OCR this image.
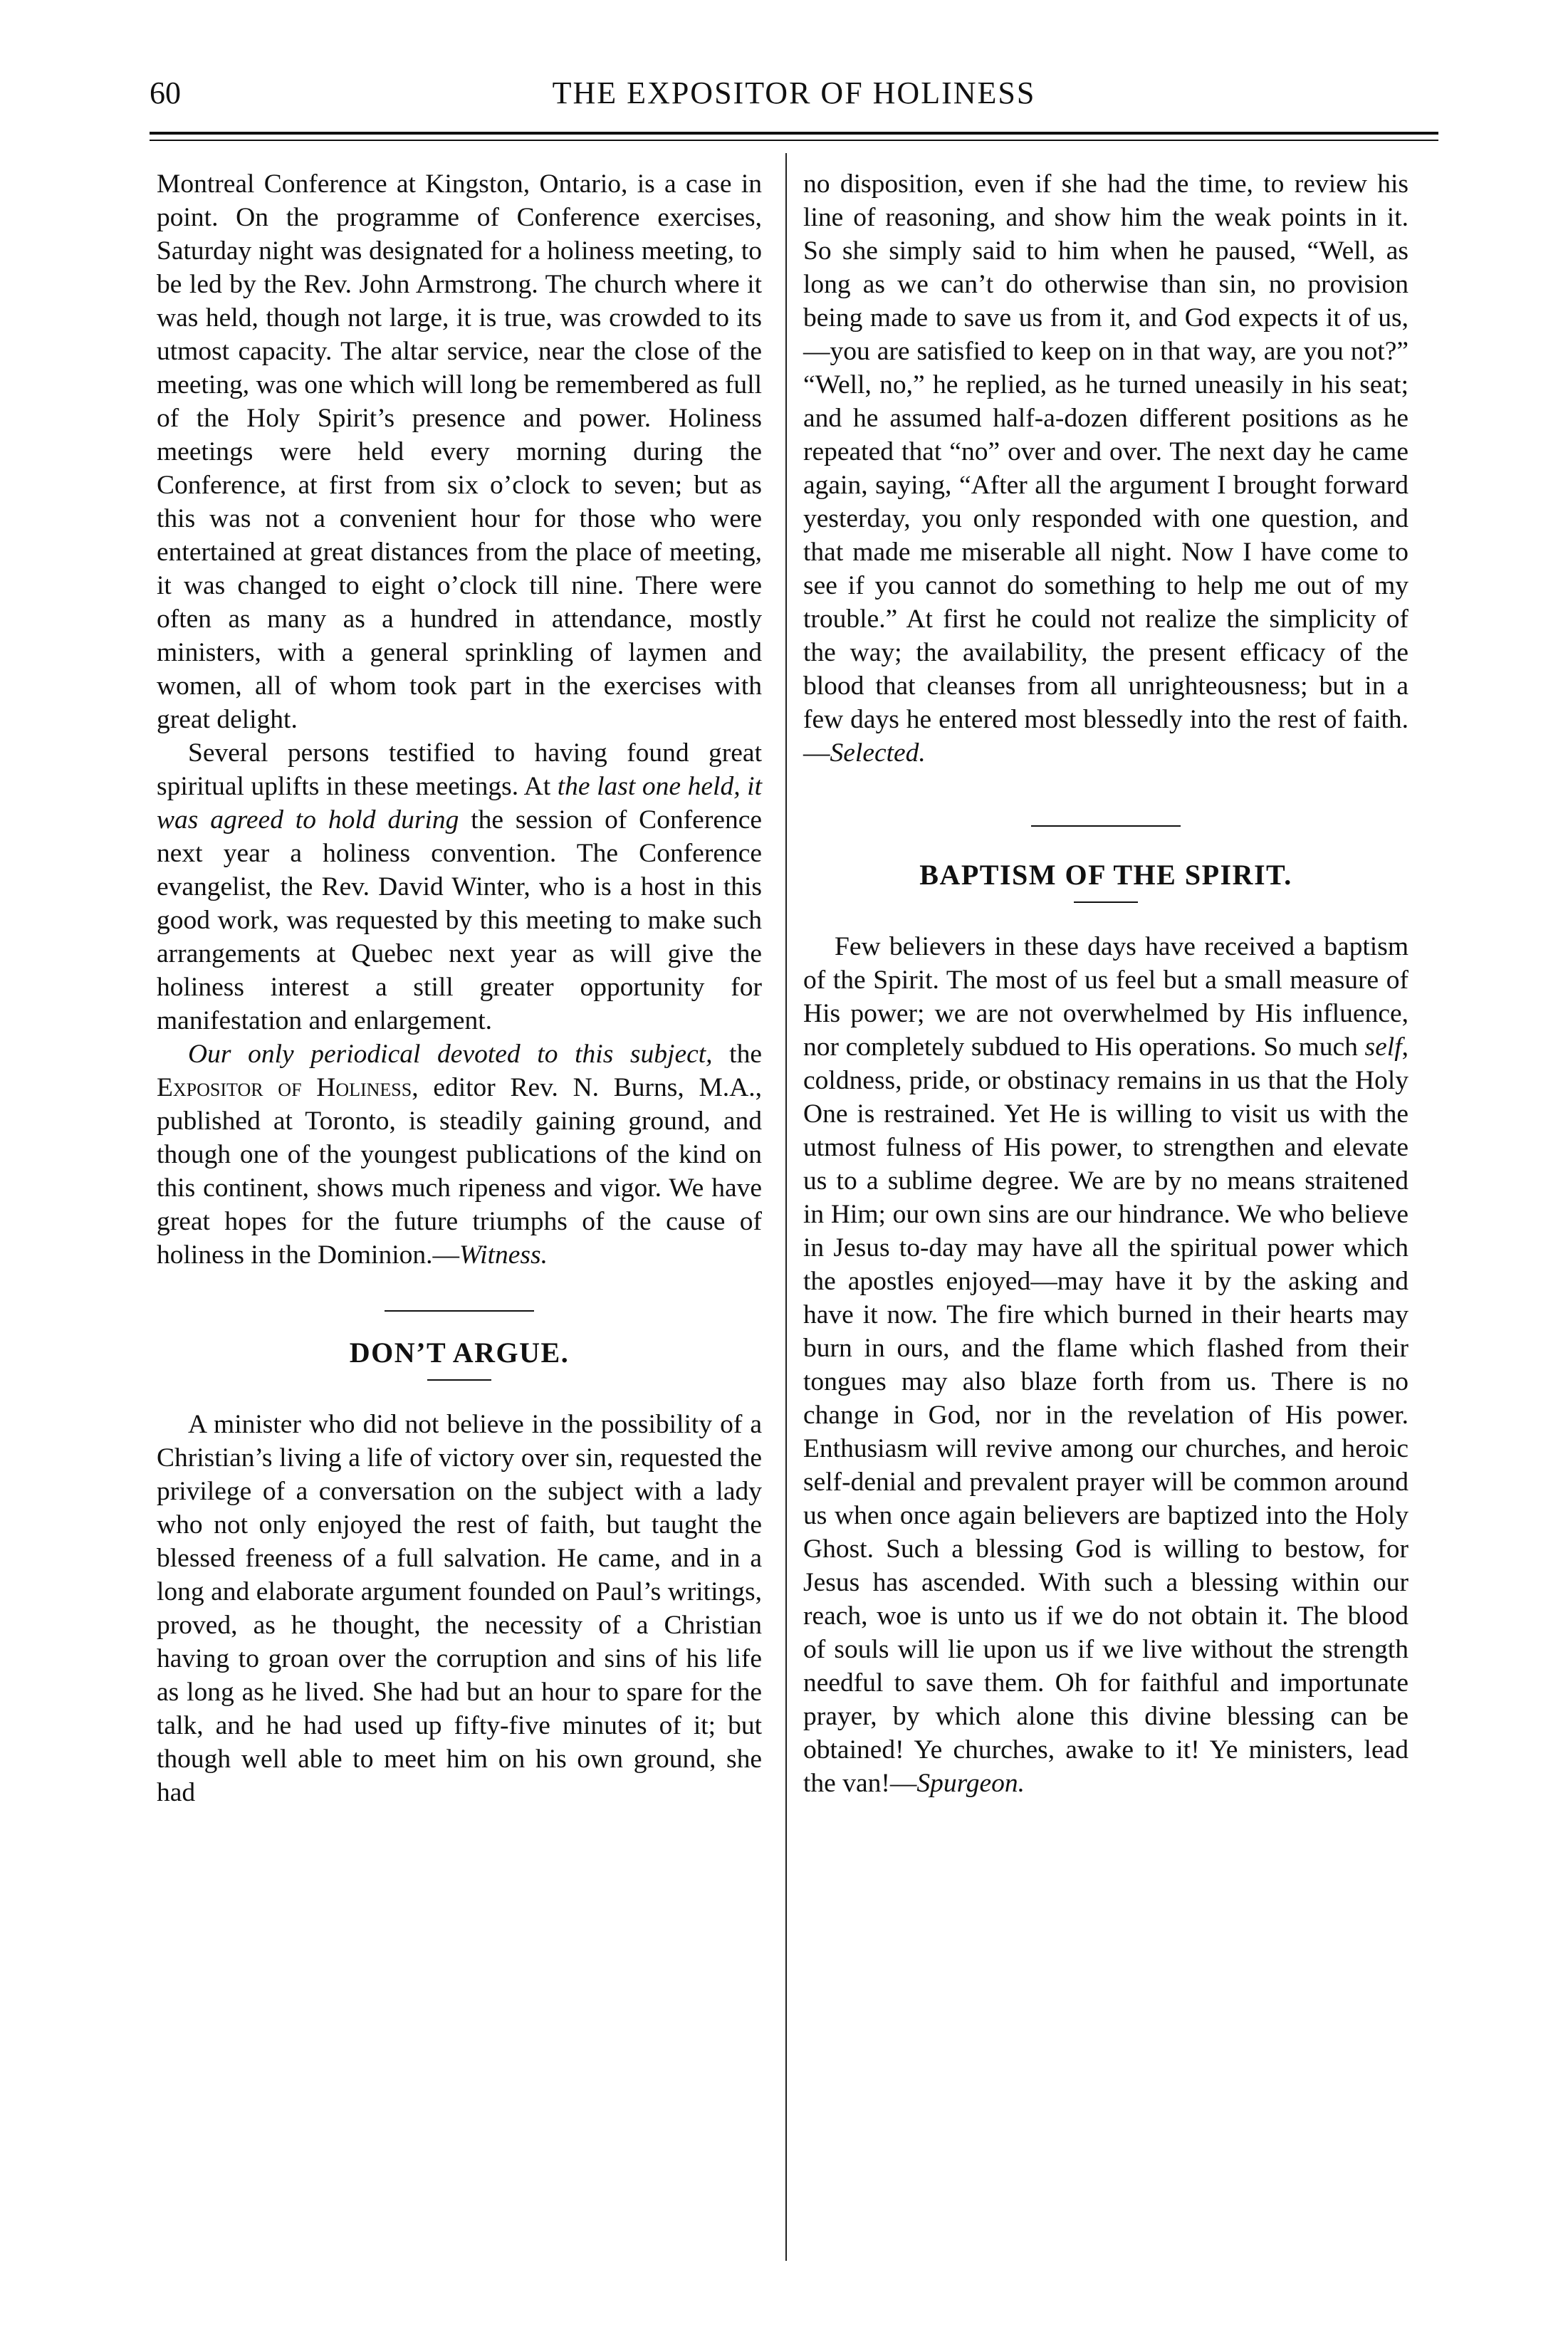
60	THE EXPOSITOR OF HOLINESS

Montreal Conference at Kingston, Ontario, is a case in point. On the programme of Conference exercises, Saturday night was designated for a holiness meeting, to be led by the Rev. John Armstrong. The church where it was held, though not large, it is true, was crowded to its utmost capacity. The altar service, near the close of the meeting, was one which will long be remembered as full of the Holy Spirit’s presence and power. Holiness meetings were held every morning during the Conference, at first from six o’clock to seven; but as this was not a convenient hour for those who were entertained at great distances from the place of meeting, it was changed to eight o’clock till nine. There were often as many as a hundred in attendance, mostly ministers, with a general sprinkling of laymen and women, all of whom took part in the exercises with great delight.

Several persons testified to having found great spiritual uplifts in these meetings. At the last one held, it was agreed to hold during the session of Conference next year a holiness convention. The Conference evangelist, the Rev. David Winter, who is a host in this good work, was requested by this meeting to make such arrangements at Quebec next year as will give the holiness interest a still greater opportunity for manifestation and enlargement.

Our only periodical devoted to this subject, the Expositor of Holiness, editor Rev. N. Burns, M.A., published at Toronto, is steadily gaining ground, and though one of the youngest publications of the kind on this continent, shows much ripeness and vigor. We have great hopes for the future triumphs of the cause of holiness in the Dominion.—Witness.

DON’T ARGUE.

A minister who did not believe in the possibility of a Christian’s living a life of victory over sin, requested the privilege of a conversation on the subject with a lady who not only enjoyed the rest of faith, but taught the blessed freeness of a full salvation. He came, and in a long and elaborate argument founded on Paul’s writings, proved, as he thought, the necessity of a Christian having to groan over the corruption and sins of his life as long as he lived. She had but an hour to spare for the talk, and he had used up fifty-five minutes of it; but though well able to meet him on his own ground, she had

no disposition, even if she had the time, to review his line of reasoning, and show him the weak points in it. So she simply said to him when he paused, “Well, as long as we can’t do otherwise than sin, no provision being made to save us from it, and God expects it of us,—you are satisfied to keep on in that way, are you not?” “Well, no,” he replied, as he turned uneasily in his seat; and he assumed half-a-dozen different positions as he repeated that “no” over and over. The next day he came again, saying, “After all the argument I brought forward yesterday, you only responded with one question, and that made me miserable all night. Now I have come to see if you cannot do something to help me out of my trouble.” At first he could not realize the simplicity of the way; the availability, the present efficacy of the blood that cleanses from all unrighteousness; but in a few days he entered most blessedly into the rest of faith.—Selected.

BAPTISM OF THE SPIRIT.

Few believers in these days have received a baptism of the Spirit. The most of us feel but a small measure of His power; we are not overwhelmed by His influence, nor completely subdued to His operations. So much self, coldness, pride, or obstinacy remains in us that the Holy One is restrained. Yet He is willing to visit us with the utmost fulness of His power, to strengthen and elevate us to a sublime degree. We are by no means straitened in Him; our own sins are our hindrance. We who believe in Jesus to-day may have all the spiritual power which the apostles enjoyed—may have it by the asking and have it now. The fire which burned in their hearts may burn in ours, and the flame which flashed from their tongues may also blaze forth from us. There is no change in God, nor in the revelation of His power. Enthusiasm will revive among our churches, and heroic self-denial and prevalent prayer will be common around us when once again believers are baptized into the Holy Ghost. Such a blessing God is willing to bestow, for Jesus has ascended. With such a blessing within our reach, woe is unto us if we do not obtain it. The blood of souls will lie upon us if we live without the strength needful to save them. Oh for faithful and importunate prayer, by which alone this divine blessing can be obtained! Ye churches, awake to it! Ye ministers, lead the van!—Spurgeon.
